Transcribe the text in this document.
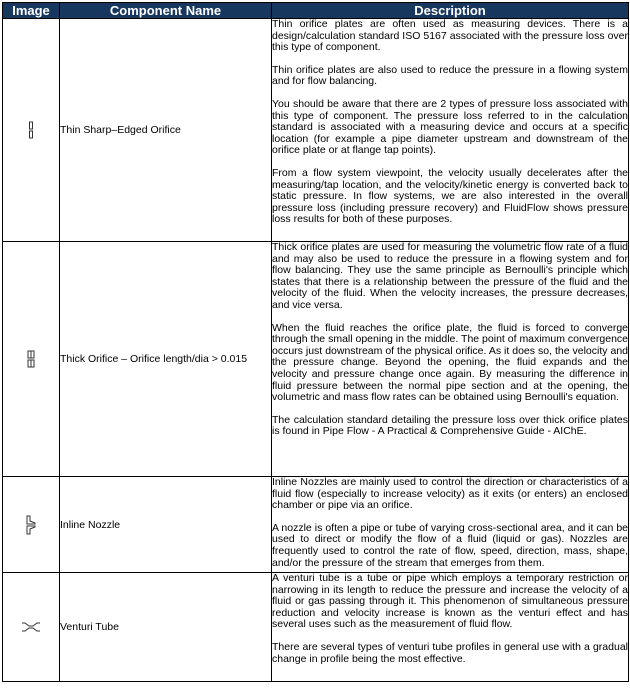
Image	Component Name	Description

	Thin Sharp–Edged Orifice	Thin orifice plates are often used as measuring devices. There is a design/calculation standard ISO 5167 associated with the pressure loss over this type of component.

Thin orifice plates are also used to reduce the pressure in a flowing system and for flow balancing.

You should be aware that there are 2 types of pressure loss associated with this type of component. The pressure loss referred to in the calculation standard is associated with a measuring device and occurs at a specific location (for example a pipe diameter upstream and downstream of the orifice plate or at flange tap points).

From a flow system viewpoint, the velocity usually decelerates after the measuring/tap location, and the velocity/kinetic energy is converted back to static pressure. In flow systems, we are also interested in the overall pressure loss (including pressure recovery) and FluidFlow shows pressure loss results for both of these purposes.

	Thick Orifice – Orifice length/dia > 0.015	Thick orifice plates are used for measuring the volumetric flow rate of a fluid and may also be used to reduce the pressure in a flowing system and for flow balancing. They use the same principle as Bernoulli's principle which states that there is a relationship between the pressure of the fluid and the velocity of the fluid. When the velocity increases, the pressure decreases, and vice versa.

When the fluid reaches the orifice plate, the fluid is forced to converge through the small opening in the middle. The point of maximum convergence occurs just downstream of the physical orifice. As it does so, the velocity and the pressure change. Beyond the opening, the fluid expands and the velocity and pressure change once again. By measuring the difference in fluid pressure between the normal pipe section and at the opening, the volumetric and mass flow rates can be obtained using Bernoulli's equation.

The calculation standard detailing the pressure loss over thick orifice plates is found in Pipe Flow - A Practical & Comprehensive Guide - AIChE.

	Inline Nozzle	Inline Nozzles are mainly used to control the direction or characteristics of a fluid flow (especially to increase velocity) as it exits (or enters) an enclosed chamber or pipe via an orifice.

A nozzle is often a pipe or tube of varying cross-sectional area, and it can be used to direct or modify the flow of a fluid (liquid or gas). Nozzles are frequently used to control the rate of flow, speed, direction, mass, shape, and/or the pressure of the stream that emerges from them.

	Venturi Tube	A venturi tube is a tube or pipe which employs a temporary restriction or narrowing in its length to reduce the pressure and increase the velocity of a fluid or gas passing through it. This phenomenon of simultaneous pressure reduction and velocity increase is known as the venturi effect and has several uses such as the measurement of fluid flow.

There are several types of venturi tube profiles in general use with a gradual change in profile being the most effective.
